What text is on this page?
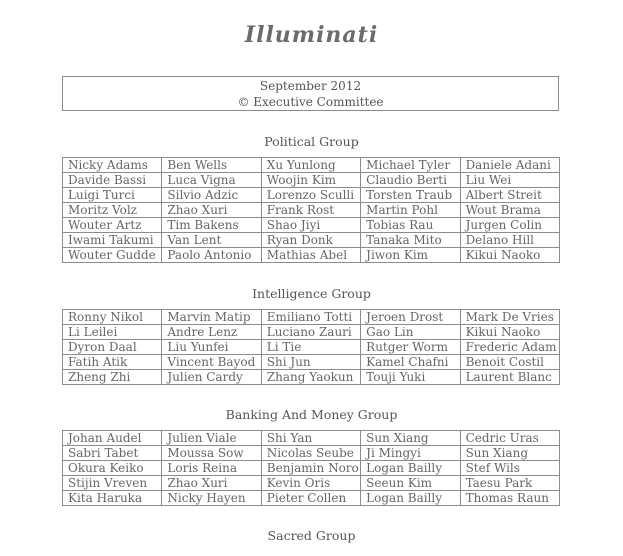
Illuminati
September 2012
© Executive Committee
Political Group
Nicky Adams	Ben Wells	Xu Yunlong	Michael Tyler	Daniele Adani
Davide Bassi	Luca Vigna	Woojin Kim	Claudio Berti	Liu Wei
Luigi Turci	Silvio Adzic	Lorenzo Sculli	Torsten Traub	Albert Streit
Moritz Volz	Zhao Xuri	Frank Rost	Martin Pohl	Wout Brama
Wouter Artz	Tim Bakens	Shao Jiyi	Tobias Rau	Jurgen Colin
Iwami Takumi	Van Lent	Ryan Donk	Tanaka Mito	Delano Hill
Wouter Gudde	Paolo Antonio	Mathias Abel	Jiwon Kim	Kikui Naoko
Intelligence Group
Ronny Nikol	Marvin Matip	Emiliano Totti	Jeroen Drost	Mark De Vries
Li Leilei	Andre Lenz	Luciano Zauri	Gao Lin	Kikui Naoko
Dyron Daal	Liu Yunfei	Li Tie	Rutger Worm	Frederic Adam
Fatih Atik	Vincent Bayod	Shi Jun	Kamel Chafni	Benoit Costil
Zheng Zhi	Julien Cardy	Zhang Yaokun	Touji Yuki	Laurent Blanc
Banking And Money Group
Johan Audel	Julien Viale	Shi Yan	Sun Xiang	Cedric Uras
Sabri Tabet	Moussa Sow	Nicolas Seube	Ji Mingyi	Sun Xiang
Okura Keiko	Loris Reina	Benjamin Noro	Logan Bailly	Stef Wils
Stijin Vreven	Zhao Xuri	Kevin Oris	Seeun Kim	Taesu Park
Kita Haruka	Nicky Hayen	Pieter Collen	Logan Bailly	Thomas Raun
Sacred Group
